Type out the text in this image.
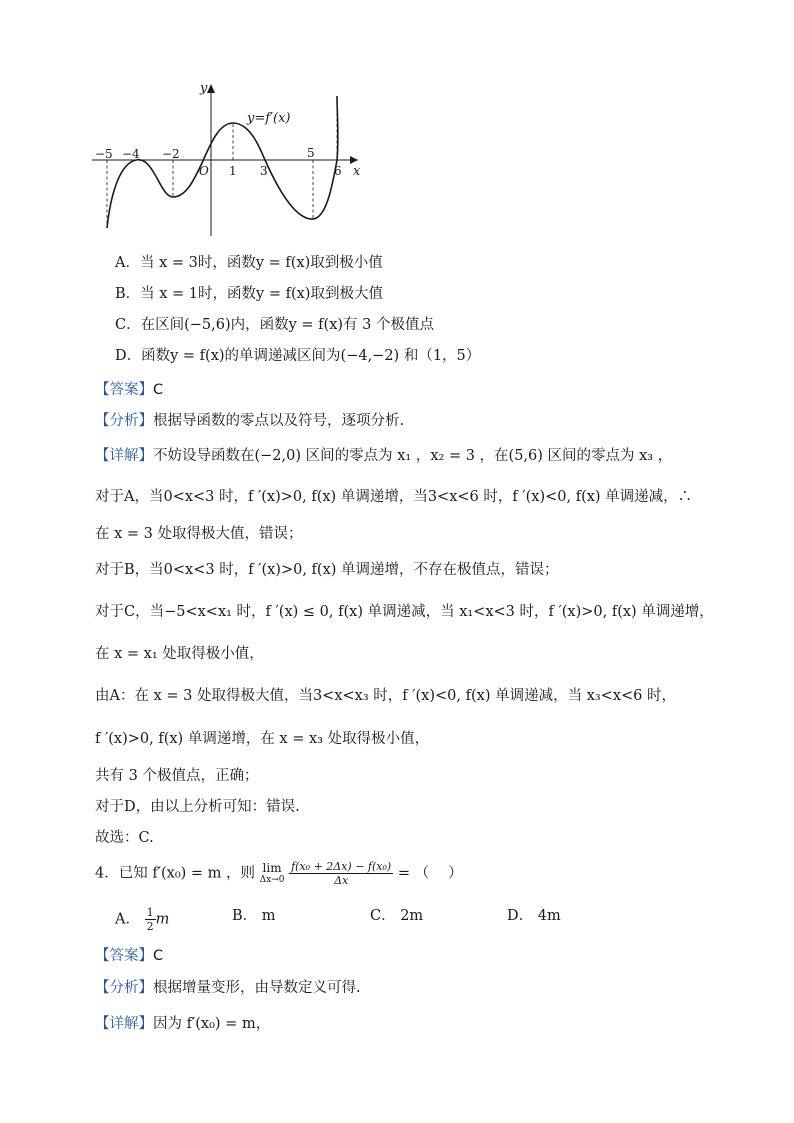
−5 −4 −2
O 1 3
5
6 x
y
y=f′(x)
A．当 x = 3时，函数y = f(x)取到极小值
B．当 x = 1时，函数y = f(x)取到极大值
C．在区间(−5,6)内，函数y = f(x)有 3 个极值点
D．函数y = f(x)的单调递减区间为(−4,−2) 和（1，5）
【答案】C
【分析】根据导函数的零点以及符号，逐项分析.
【详解】不妨设导函数在(−2,0) 区间的零点为 x₁ ，x₂ = 3 ，在(5,6) 区间的零点为 x₃ ，
对于A，当0<x<3 时，f ′(x)>0, f(x) 单调递增，当3<x<6 时，f ′(x)<0, f(x) 单调递减，∴
在 x = 3 处取得极大值，错误；
对于B，当0<x<3 时，f ′(x)>0, f(x) 单调递增，不存在极值点，错误；
对于C，当−5<x<x₁ 时，f ′(x) ≤ 0, f(x) 单调递减，当 x₁<x<3 时，f ′(x)>0, f(x) 单调递增，
在 x = x₁ 处取得极小值，
由A：在 x = 3 处取得极大值，当3<x<x₃ 时，f ′(x)<0, f(x) 单调递减，当 x₃<x<6 时，
f ′(x)>0, f(x) 单调递增，在 x = x₃ 处取得极小值，
共有 3 个极值点，正确；
对于D，由以上分析可知：错误.
故选：C.
4．已知 f′(x₀) = m ，则 lim
Δx→0
$\frac{\text{f(x₀ + 2Δx) − f(x₀)}}{\Delta x}$ = （　 ）
A． $\frac{1}{2}$ m	B． m	C． 2m	D． 4m
【答案】C
【分析】根据增量变形，由导数定义可得.
【详解】因为 f′(x₀) = m，
